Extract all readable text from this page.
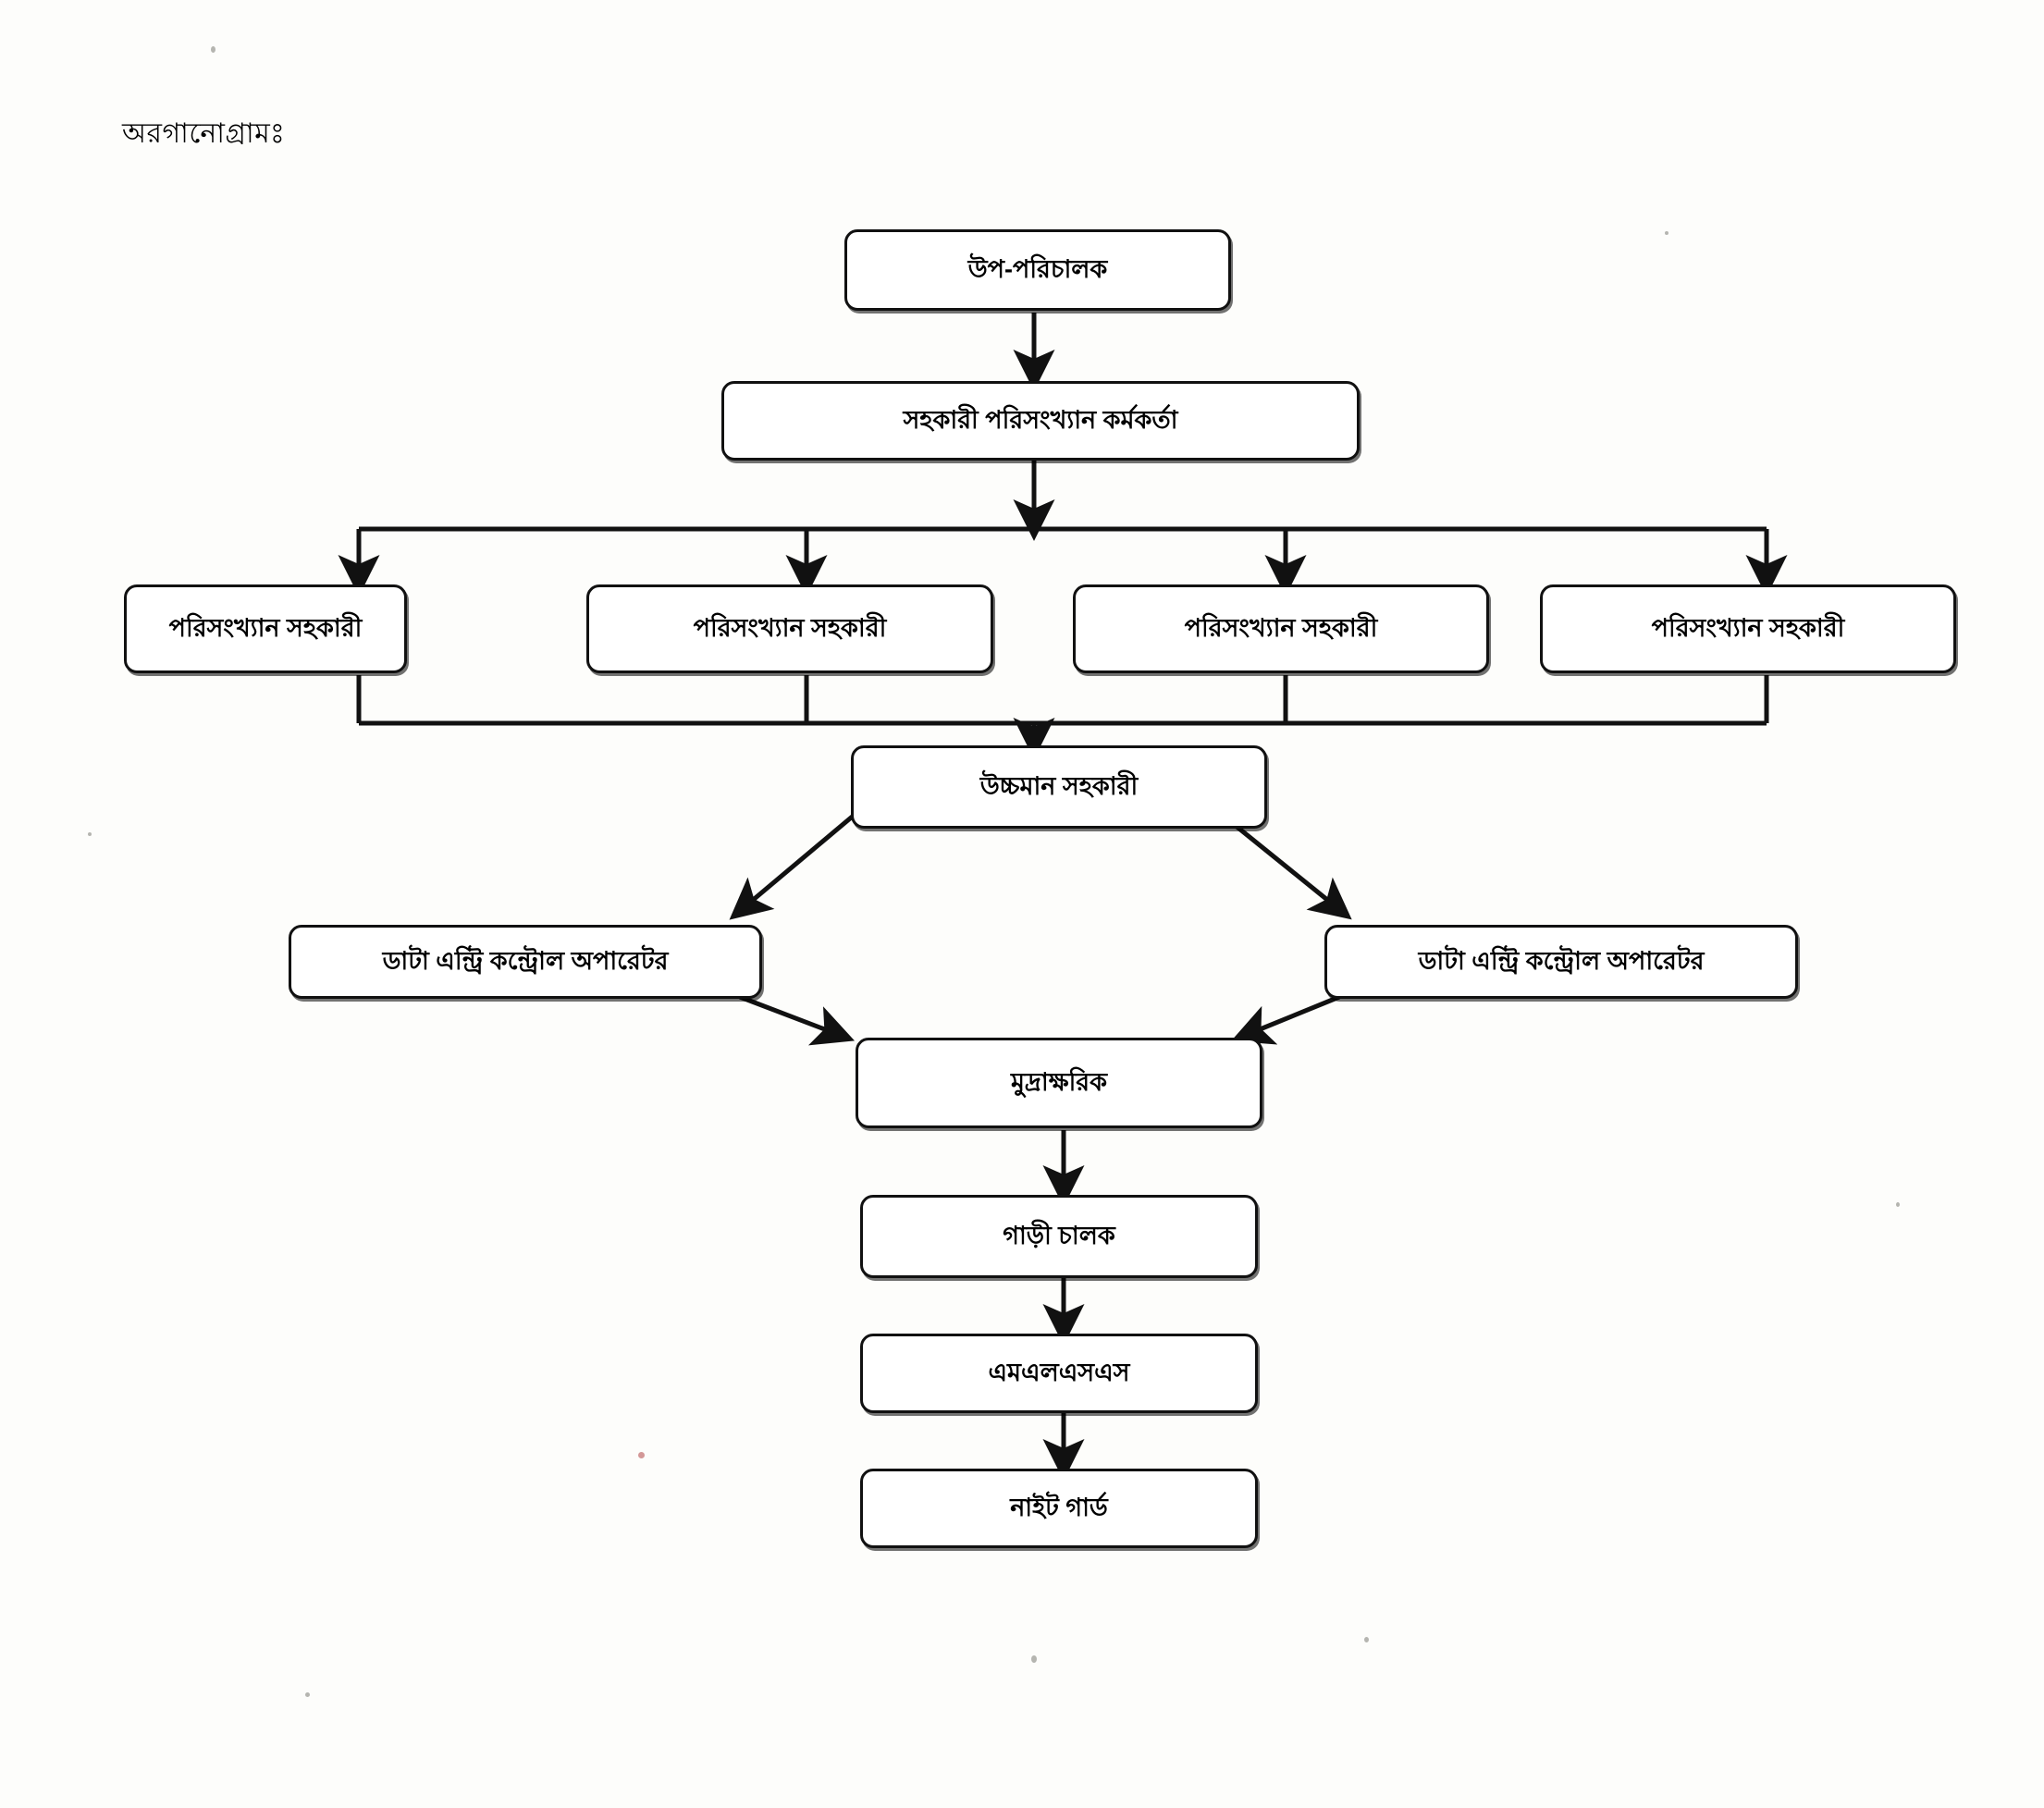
অরগানোগ্রামঃ
উপ-পরিচালক
সহকারী পরিসংখ্যান কর্মকর্তা
পরিসংখ্যান সহকারী	পরিসংখ্যান সহকারী	পরিসংখ্যান সহকারী	পরিসংখ্যান সহকারী
উচ্চমান সহকারী
ডাটা এন্ট্রি কন্ট্রোল অপারেটর	ডাটা এন্ট্রি কন্ট্রোল অপারেটর
মুদ্রাক্ষরিক
গাড়ী চালক
এমএলএসএস
নাইট গার্ড
